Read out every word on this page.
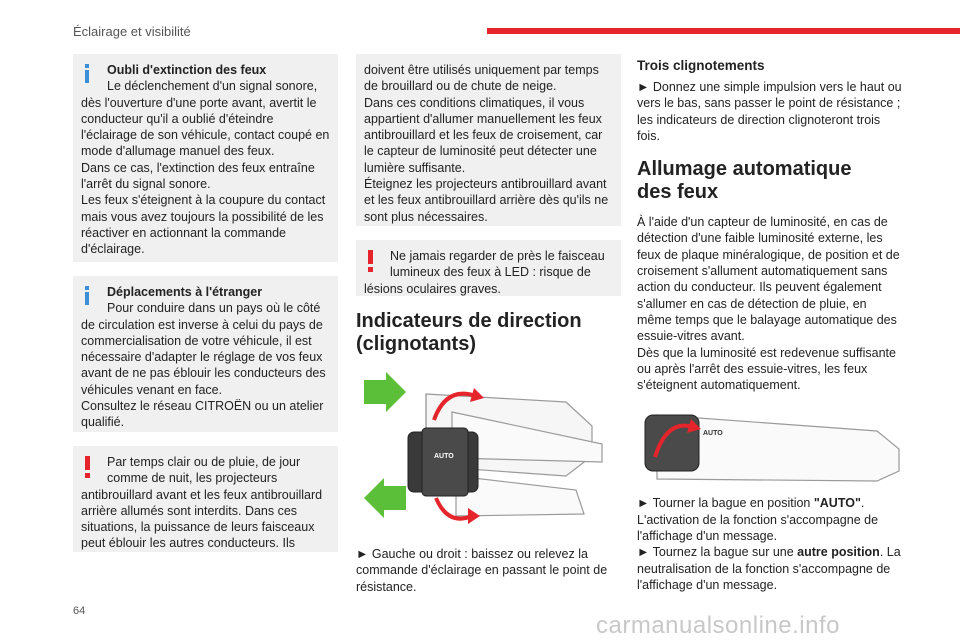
Éclairage et visibilité
Oubli d'extinction des feux
Le déclenchement d'un signal sonore,
dès l'ouverture d'une porte avant, avertit le conducteur qu'il a oublié d'éteindre l'éclairage de son véhicule, contact coupé en mode d'allumage manuel des feux.
Dans ce cas, l'extinction des feux entraîne l'arrêt du signal sonore.
Les feux s'éteignent à la coupure du contact mais vous avez toujours la possibilité de les réactiver en actionnant la commande d'éclairage.
Déplacements à l'étranger
Pour conduire dans un pays où le côté
de circulation est inverse à celui du pays de commercialisation de votre véhicule, il est nécessaire d'adapter le réglage de vos feux avant de ne pas éblouir les conducteurs des véhicules venant en face.
Consultez le réseau CITROËN ou un atelier qualifié.
Par temps clair ou de pluie, de jour
comme de nuit, les projecteurs
antibrouillard avant et les feux antibrouillard arrière allumés sont interdits. Dans ces situations, la puissance de leurs faisceaux peut éblouir les autres conducteurs. Ils
doivent être utilisés uniquement par temps de brouillard ou de chute de neige.
Dans ces conditions climatiques, il vous appartient d'allumer manuellement les feux antibrouillard et les feux de croisement, car le capteur de luminosité peut détecter une lumière suffisante.
Éteignez les projecteurs antibrouillard avant et les feux antibrouillard arrière dès qu'ils ne sont plus nécessaires.
Ne jamais regarder de près le faisceau
lumineux des feux à LED : risque de
lésions oculaires graves.
Indicateurs de direction (clignotants)
AUTO
► Gauche ou droit : baissez ou relevez la commande d'éclairage en passant le point de résistance.
Trois clignotements
► Donnez une simple impulsion vers le haut ou vers le bas, sans passer le point de résistance ; les indicateurs de direction clignoteront trois fois.
Allumage automatique des feux
À l'aide d'un capteur de luminosité, en cas de détection d'une faible luminosité externe, les feux de plaque minéralogique, de position et de croisement s'allument automatiquement sans action du conducteur. Ils peuvent également s'allumer en cas de détection de pluie, en même temps que le balayage automatique des essuie-vitres avant.
Dès que la luminosité est redevenue suffisante ou après l'arrêt des essuie-vitres, les feux s'éteignent automatiquement.
AUTO
► Tourner la bague en position "AUTO".
L'activation de la fonction s'accompagne de l'affichage d'un message.
► Tournez la bague sur une autre position. La neutralisation de la fonction s'accompagne de l'affichage d'un message.
64
carmanualsonline.info
